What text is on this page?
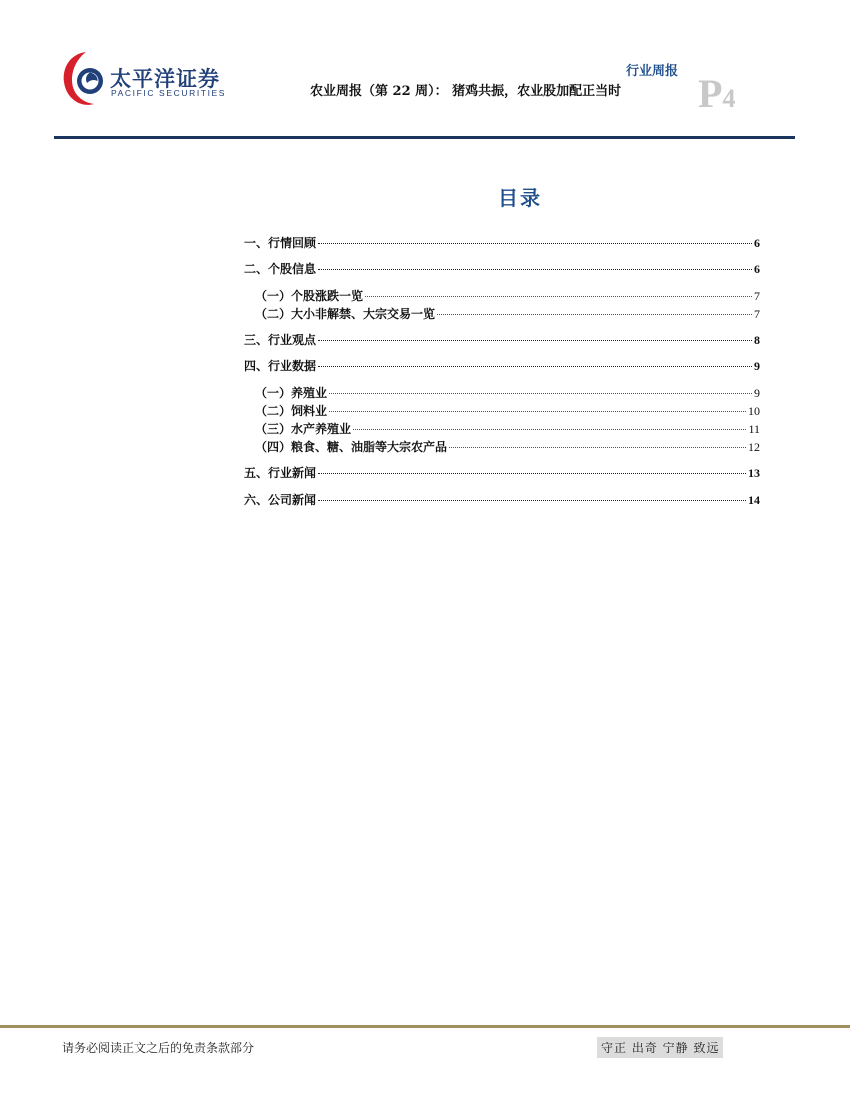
太平洋证券
PACIFIC SECURITIES
行业周报
农业周报（第 22 周）： 猪鸡共振，农业股加配正当时 P4
目录
一、行情回顾	6
二、个股信息	6
（一）个股涨跌一览	7
（二）大小非解禁、大宗交易一览	7
三、行业观点	8
四、行业数据	9
（一）养殖业	9
（二）饲料业	10
（三）水产养殖业	11
（四）粮食、糖、油脂等大宗农产品	12
五、行业新闻	13
六、公司新闻	14
请务必阅读正文之后的免责条款部分	守正 出奇 宁静 致远
